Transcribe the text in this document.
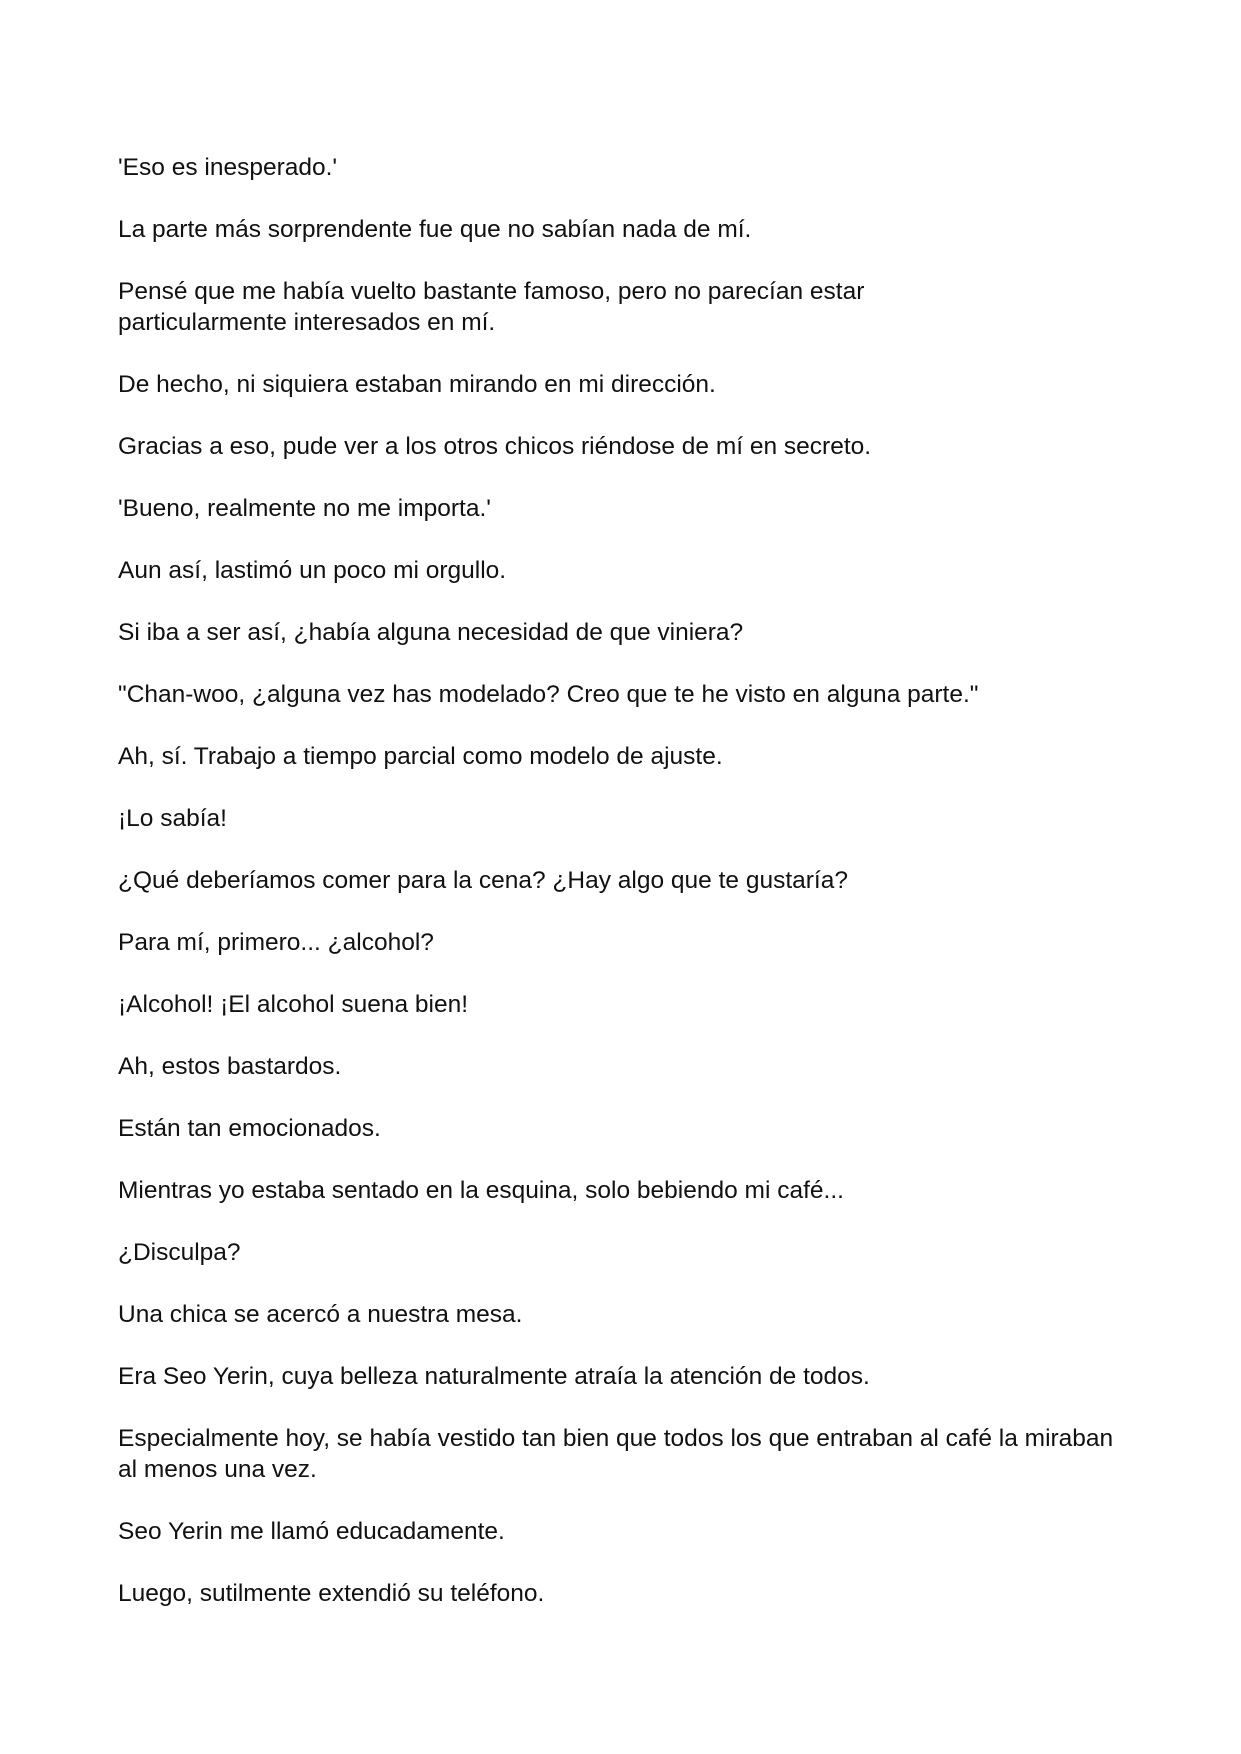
'Eso es inesperado.'

La parte más sorprendente fue que no sabían nada de mí.

Pensé que me había vuelto bastante famoso, pero no parecían estar particularmente interesados en mí.

De hecho, ni siquiera estaban mirando en mi dirección.

Gracias a eso, pude ver a los otros chicos riéndose de mí en secreto.

'Bueno, realmente no me importa.'

Aun así, lastimó un poco mi orgullo.

Si iba a ser así, ¿había alguna necesidad de que viniera?

"Chan-woo, ¿alguna vez has modelado? Creo que te he visto en alguna parte."

Ah, sí. Trabajo a tiempo parcial como modelo de ajuste.

¡Lo sabía!

¿Qué deberíamos comer para la cena? ¿Hay algo que te gustaría?

Para mí, primero... ¿alcohol?

¡Alcohol! ¡El alcohol suena bien!

Ah, estos bastardos.

Están tan emocionados.

Mientras yo estaba sentado en la esquina, solo bebiendo mi café...

¿Disculpa?

Una chica se acercó a nuestra mesa.

Era Seo Yerin, cuya belleza naturalmente atraía la atención de todos.

Especialmente hoy, se había vestido tan bien que todos los que entraban al café la miraban al menos una vez.

Seo Yerin me llamó educadamente.

Luego, sutilmente extendió su teléfono.
